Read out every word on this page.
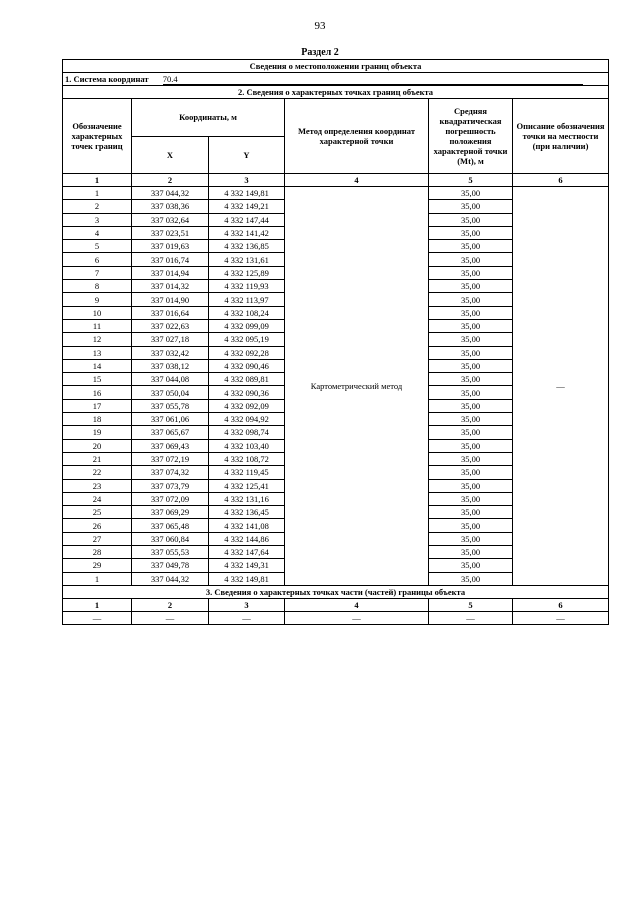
93
Раздел 2
Сведения о местоположении границ объекта					
1. Система координат 70.4					
2. Сведения о характерных точках границ объекта					
Обозначение характерных точек границ	Координаты, м		Метод определения координат характерной точки	Средняя квадратическая погрешность положения характерной точки (Mt), м	Описание обозначения точки на местности (при наличии)
	X	Y			
1	2	3	4	5	6
1	337 044,32	4 332 149,81	Картометрический метод	35,00	—
2	337 038,36	4 332 149,21		35,00	
3	337 032,64	4 332 147,44		35,00	
4	337 023,51	4 332 141,42		35,00	
5	337 019,63	4 332 136,85		35,00	
6	337 016,74	4 332 131,61		35,00	
7	337 014,94	4 332 125,89		35,00	
8	337 014,32	4 332 119,93		35,00	
9	337 014,90	4 332 113,97		35,00	
10	337 016,64	4 332 108,24		35,00	
11	337 022,63	4 332 099,09		35,00	
12	337 027,18	4 332 095,19		35,00	
13	337 032,42	4 332 092,28		35,00	
14	337 038,12	4 332 090,46		35,00	
15	337 044,08	4 332 089,81		35,00	
16	337 050,04	4 332 090,36		35,00	
17	337 055,78	4 332 092,09		35,00	
18	337 061,06	4 332 094,92		35,00	
19	337 065,67	4 332 098,74		35,00	
20	337 069,43	4 332 103,40		35,00	
21	337 072,19	4 332 108,72		35,00	
22	337 074,32	4 332 119,45		35,00	
23	337 073,79	4 332 125,41		35,00	
24	337 072,09	4 332 131,16		35,00	
25	337 069,29	4 332 136,45		35,00	
26	337 065,48	4 332 141,08		35,00	
27	337 060,84	4 332 144,86		35,00	
28	337 055,53	4 332 147,64		35,00	
29	337 049,78	4 332 149,31		35,00	
1	337 044,32	4 332 149,81		35,00	
3. Сведения о характерных точках части (частей) границы объекта					
1	2	3	4	5	6
—	—	—	—	—	—
